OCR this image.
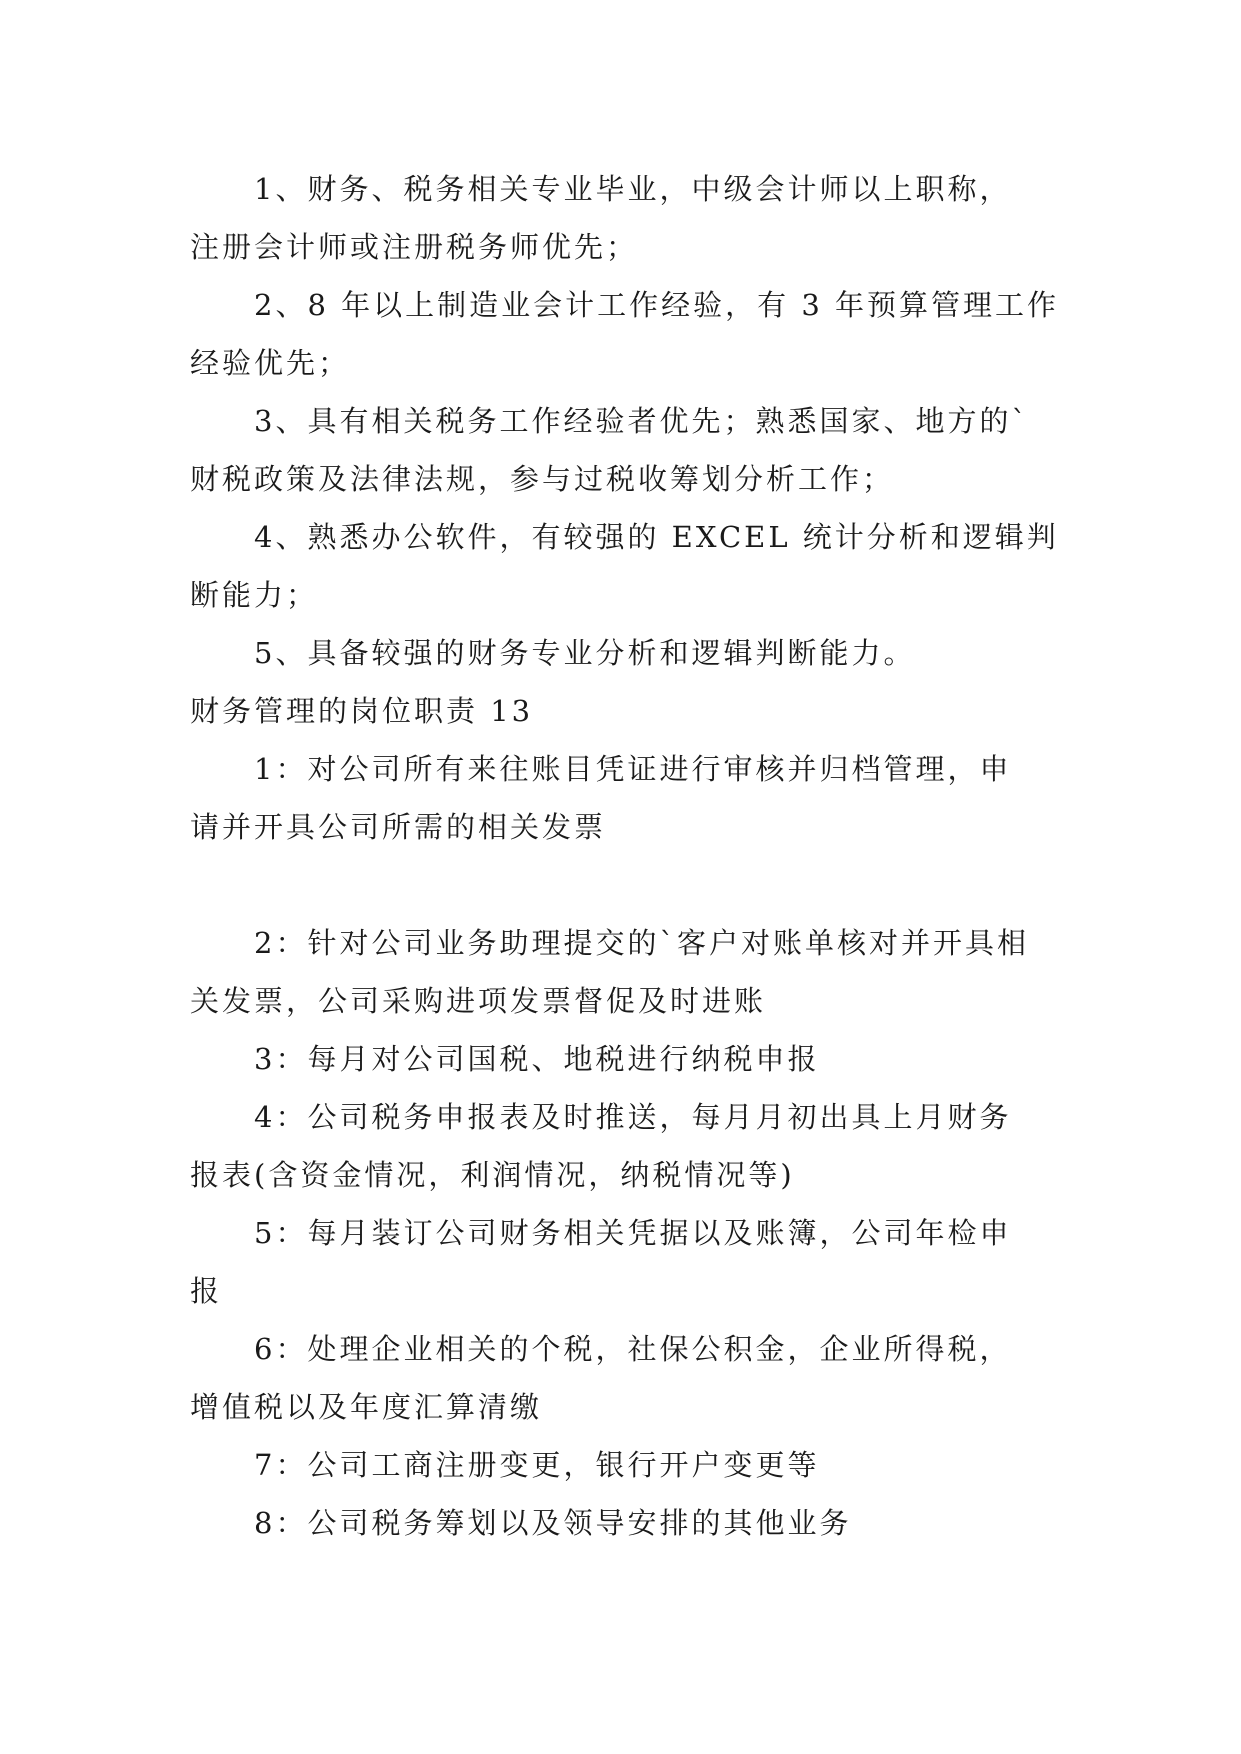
1、财务、税务相关专业毕业，中级会计师以上职称，
注册会计师或注册税务师优先；
2、8 年以上制造业会计工作经验，有 3 年预算管理工作
经验优先；
3、具有相关税务工作经验者优先；熟悉国家、地方的`
财税政策及法律法规，参与过税收筹划分析工作；
4、熟悉办公软件，有较强的 EXCEL 统计分析和逻辑判
断能力；
5、具备较强的财务专业分析和逻辑判断能力。
财务管理的岗位职责 13
1：对公司所有来往账目凭证进行审核并归档管理，申
请并开具公司所需的相关发票
2：针对公司业务助理提交的`客户对账单核对并开具相
关发票，公司采购进项发票督促及时进账
3：每月对公司国税、地税进行纳税申报
4：公司税务申报表及时推送，每月月初出具上月财务
报表(含资金情况，利润情况，纳税情况等)
5：每月装订公司财务相关凭据以及账簿，公司年检申
报
6：处理企业相关的个税，社保公积金，企业所得税，
增值税以及年度汇算清缴
7：公司工商注册变更，银行开户变更等
8：公司税务筹划以及领导安排的其他业务
